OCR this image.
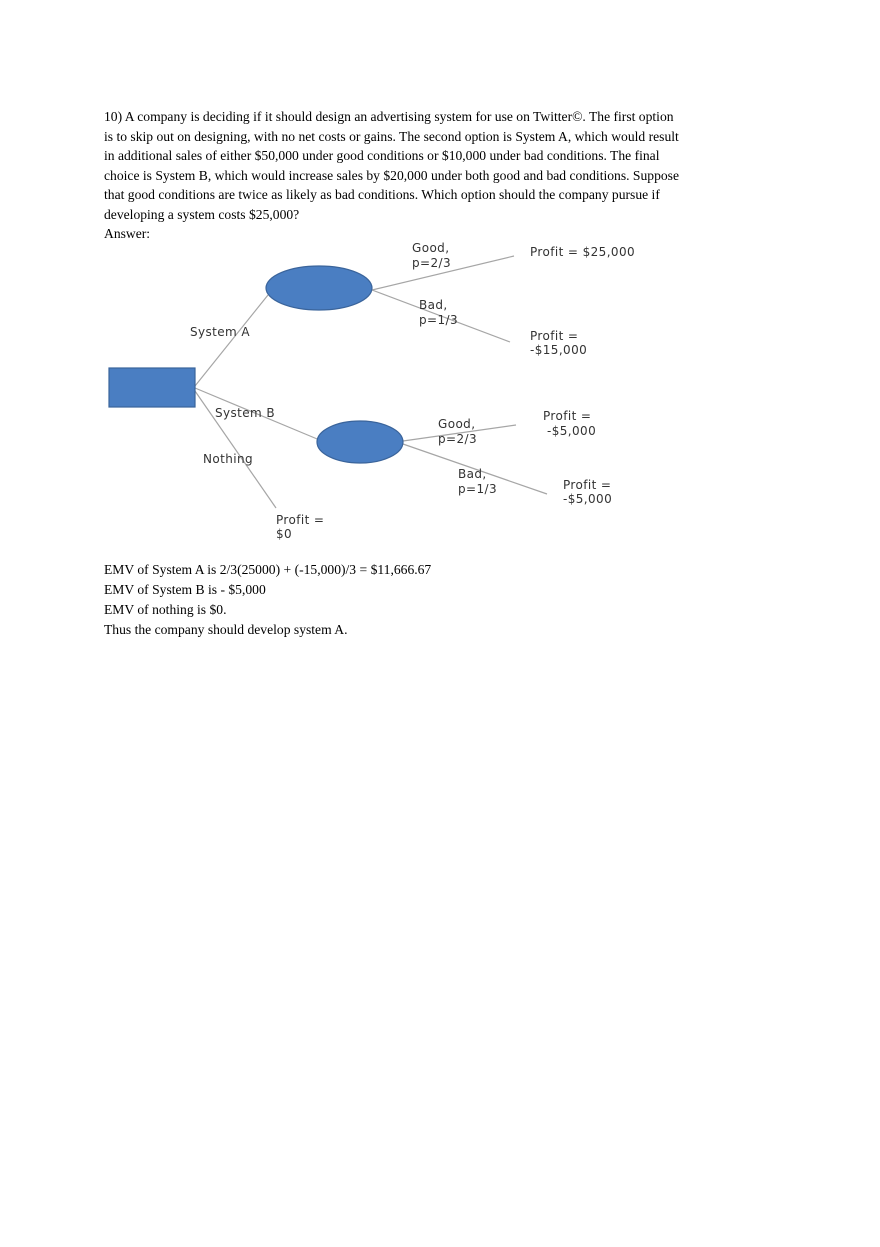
10) A company is deciding if it should design an advertising system for use on Twitter©. The first option
is to skip out on designing, with no net costs or gains. The second option is System A, which would result
in additional sales of either $50,000 under good conditions or $10,000 under bad conditions. The final
choice is System B, which would increase sales by $20,000 under both good and bad conditions. Suppose
that good conditions are twice as likely as bad conditions. Which option should the company pursue if
developing a system costs $25,000?

Answer:

System A
System B
Nothing
Good,
p=2/3
Bad,
p=1/3
Good,
p=2/3
Bad,
p=1/3
Profit = $25,000
Profit =
-$15,000
Profit =
-$5,000
Profit =
-$5,000
Profit =
$0

EMV of System A is 2/3(25000) + (-15,000)/3 = $11,666.67

EMV of System B is - $5,000

EMV of nothing is $0.

Thus the company should develop system A.
